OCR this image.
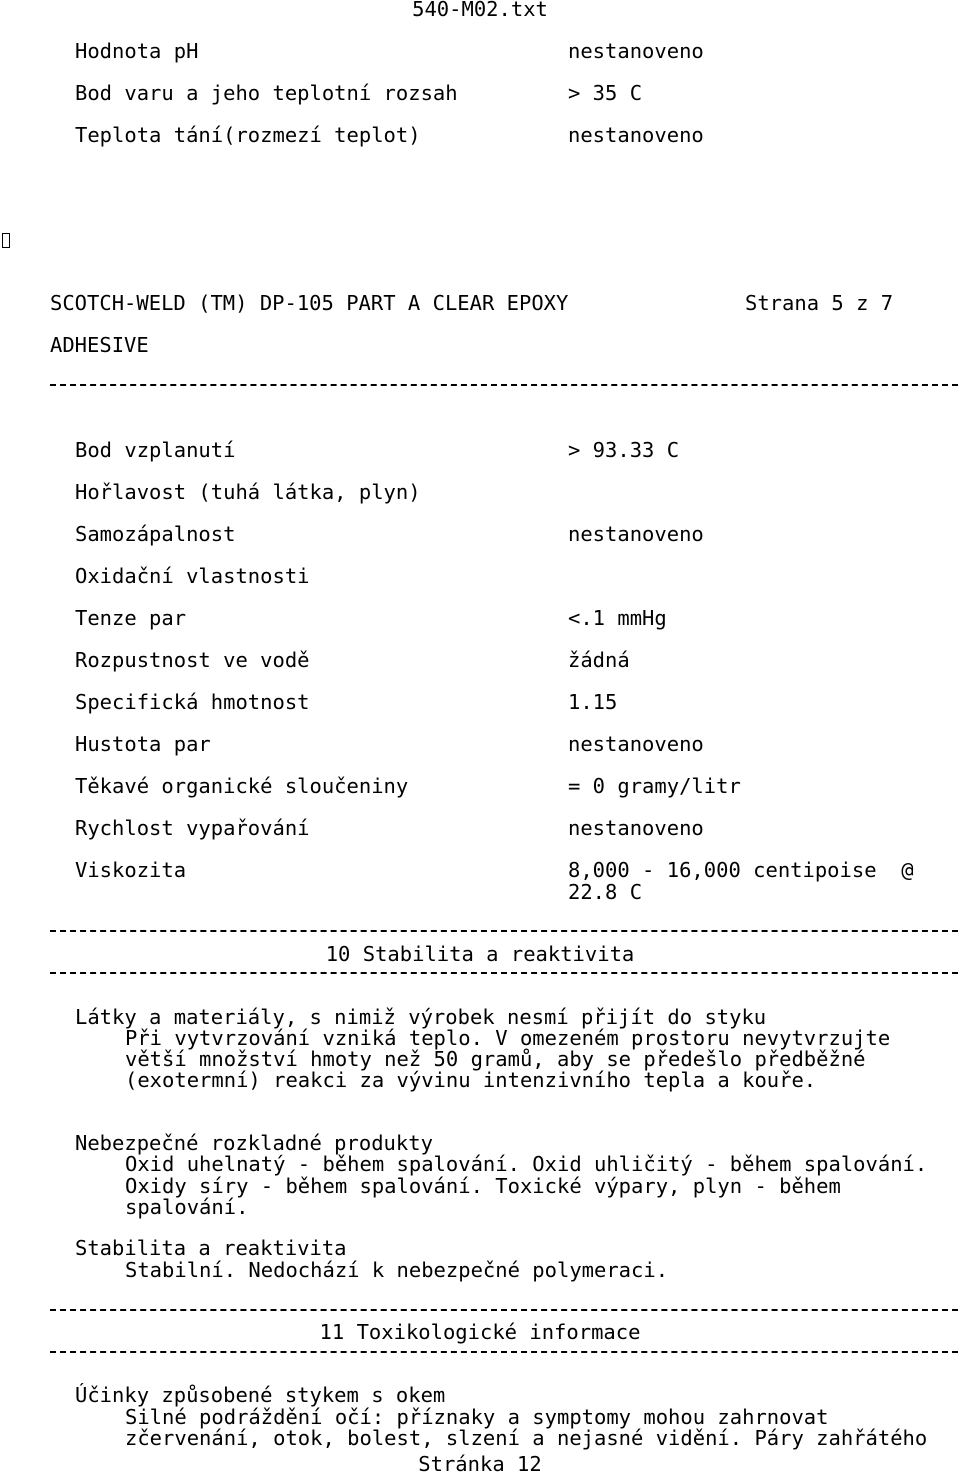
540-M02.txt
Hodnota pH	nestanoveno
Bod varu a jeho teplotní rozsah	> 35 C
Teplota tání(rozmezí teplot)	nestanoveno
SCOTCH-WELD (TM) DP-105 PART A CLEAR EPOXY	Strana 5 z 7
ADHESIVE
Bod vzplanutí	> 93.33 C
Hořlavost (tuhá látka, plyn)
Samozápalnost	nestanoveno
Oxidační vlastnosti
Tenze par	<.1 mmHg
Rozpustnost ve vodě	žádná
Specifická hmotnost	1.15
Hustota par	nestanoveno
Těkavé organické sloučeniny	= 0 gramy/litr
Rychlost vypařování	nestanoveno
Viskozita	8,000 - 16,000 centipoise  @
22.8 C
10 Stabilita a reaktivita
Látky a materiály, s nimiž výrobek nesmí přijít do styku
Při vytvrzování vzniká teplo. V omezeném prostoru nevytvrzujte
větší množství hmoty než 50 gramů, aby se předešlo předběžné
(exotermní) reakci za vývinu intenzivního tepla a kouře.
Nebezpečné rozkladné produkty
Oxid uhelnatý - během spalování. Oxid uhličitý - během spalování.
Oxidy síry - během spalování. Toxické výpary, plyn - během
spalování.
Stabilita a reaktivita
Stabilní. Nedochází k nebezpečné polymeraci.
11 Toxikologické informace
Účinky způsobené stykem s okem
Silné podráždění očí: příznaky a symptomy mohou zahrnovat
zčervenání, otok, bolest, slzení a nejasné vidění. Páry zahřátého
Stránka 12
